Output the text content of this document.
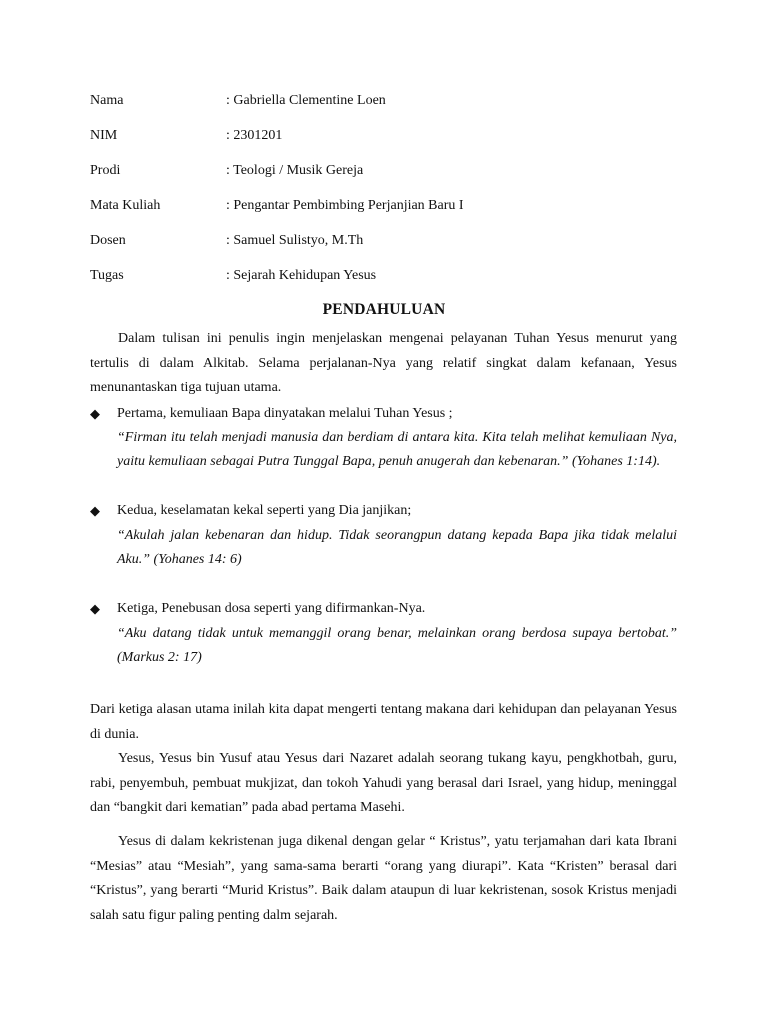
Nama	: Gabriella Clementine Loen
NIM	: 2301201
Prodi	: Teologi / Musik Gereja
Mata Kuliah	: Pengantar Pembimbing Perjanjian Baru I
Dosen	: Samuel Sulistyo, M.Th
Tugas	: Sejarah Kehidupan Yesus
PENDAHULUAN

Dalam tulisan ini penulis ingin menjelaskan mengenai pelayanan Tuhan Yesus menurut yang tertulis di dalam Alkitab. Selama perjalanan-Nya yang relatif singkat dalam kefanaan, Yesus menunantaskan tiga tujuan utama.

◆ Pertama, kemuliaan Bapa dinyatakan melalui Tuhan Yesus ;

“Firman itu telah menjadi manusia dan berdiam di antara kita. Kita telah melihat kemuliaan Nya, yaitu kemuliaan sebagai Putra Tunggal Bapa, penuh anugerah dan kebenaran.” (Yohanes 1:14).

◆ Kedua, keselamatan kekal seperti yang Dia janjikan;

“Akulah jalan kebenaran dan hidup. Tidak seorangpun datang kepada Bapa jika tidak melalui Aku.” (Yohanes 14: 6)

◆ Ketiga, Penebusan dosa seperti yang difirmankan-Nya.

“Aku datang tidak untuk memanggil orang benar, melainkan orang berdosa supaya bertobat.” (Markus 2: 17)

Dari ketiga alasan utama inilah kita dapat mengerti tentang makana dari kehidupan dan pelayanan Yesus di dunia.

Yesus, Yesus bin Yusuf atau Yesus dari Nazaret adalah seorang tukang kayu, pengkhotbah, guru, rabi, penyembuh, pembuat mukjizat, dan tokoh Yahudi yang berasal dari Israel, yang hidup, meninggal dan “bangkit dari kematian” pada abad pertama Masehi.

Yesus di dalam kekristenan juga dikenal dengan gelar “ Kristus”, yatu terjamahan dari kata Ibrani “Mesias” atau “Mesiah”, yang sama-sama berarti “orang yang diurapi”. Kata “Kristen” berasal dari “Kristus”, yang berarti “Murid Kristus”. Baik dalam ataupun di luar kekristenan, sosok Kristus menjadi salah satu figur paling penting dalm sejarah.
